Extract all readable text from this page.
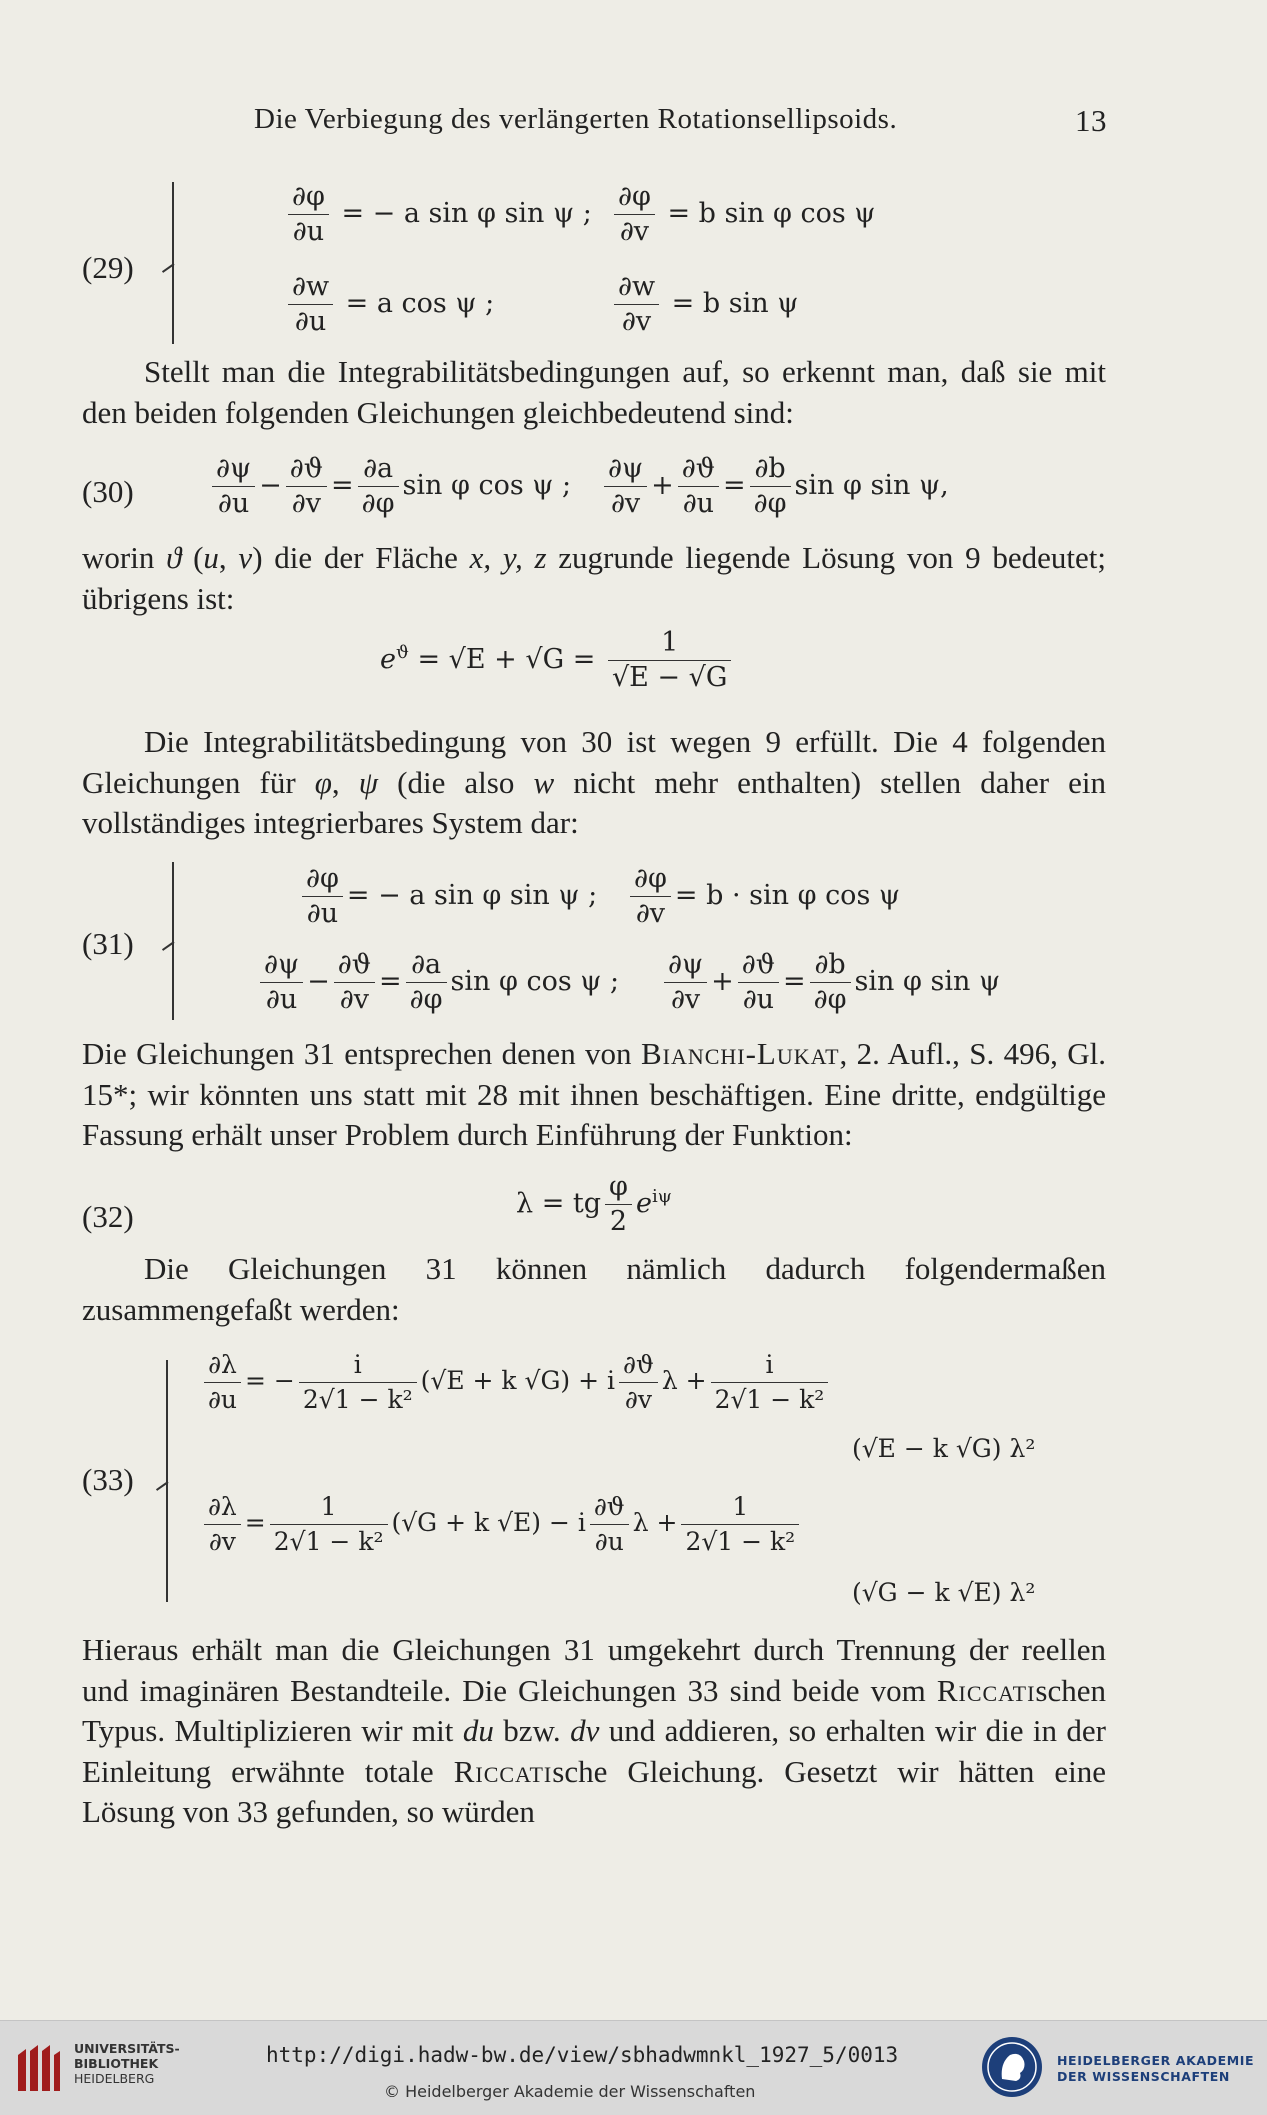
Die Verbiegung des verlängerten Rotationsellipsoids.	13
(29)
$\frac{\partial\varphi}{\partial u}$ = − a sin φ sin ψ ; $\frac{\partial\varphi}{\partial v} = b$ sin φ cos ψ
$\frac{\partial w}{\partial u} = a$ cos ψ ;	$\frac{\partial w}{\partial v} = b$ sin ψ

Stellt man die Integrabilitätsbedingungen auf, so erkennt man, daß sie mit den beiden folgenden Gleichungen gleichbedeutend sind:

(30)	$\frac{\partial\psi}{\partial u} - \frac{\partial ϑ}{\partial v} = \frac{\partial a}{\partial\varphi}$ sin φ cos ψ ; $\frac{\partial\psi}{\partial v} + \frac{\partial ϑ}{\partial u} = \frac{\partial b}{\partial\varphi}$ sin φ sin ψ,

worin ϑ (u, v) die der Fläche x, y, z zugrunde liegende Lösung von 9 bedeutet; übrigens ist:

$e^ϑ = √E + √G = \frac{1}{√E - √G}$

Die Integrabilitätsbedingung von 30 ist wegen 9 erfüllt. Die 4 folgenden Gleichungen für φ, ψ (die also w nicht mehr enthalten) stellen daher ein vollständiges integrierbares System dar:

(31)
$\frac{\partial\varphi}{\partial u}$ = − a sin φ sin ψ ; $\frac{\partial\varphi}{\partial v} = b \cdot \sin \varphi$ cos ψ
$\frac{\partial\psi}{\partial u} - \frac{\partial ϑ}{\partial v} = \frac{\partial a}{\partial\varphi}$ sin φ cos ψ ; $\frac{\partial\psi}{\partial v} + \frac{\partial ϑ}{\partial u} = \frac{\partial b}{\partial\varphi}$ sin φ sin ψ

Die Gleichungen 31 entsprechen denen von Bianchi-Lukat, 2. Aufl., S. 496, Gl. 15*; wir könnten uns statt mit 28 mit ihnen beschäftigen. Eine dritte, endgültige Fassung erhält unser Problem durch Einführung der Funktion:

(32)	λ = tg $\frac{\varphi}{2} e^{i\psi}$

Die Gleichungen 31 können nämlich dadurch folgendermaßen zusammengefaßt werden:

(33)
$\frac{\partial\lambda}{\partial u}$ = − $\frac{i}{\text{2√1 − k²}} (√E + k$ √G) + i $\frac{\partial ϑ}{\partial v}$ $\lambda + \frac{i}{\text{2√1 − k²}}$
(√E − k √G) λ²
$\frac{\partial\lambda}{\partial v} = \frac{1}{\text{2√1 − k²}} (√G + k$ √E) − i $\frac{\partial ϑ}{\partial u}$ $\lambda + \frac{1}{\text{2√1 − k²}}$
(√G − k √E) λ²

Hieraus erhält man die Gleichungen 31 umgekehrt durch Trennung der reellen und imaginären Bestandteile. Die Gleichungen 33 sind beide vom Riccatischen Typus. Multiplizieren wir mit du bzw. dv und addieren, so erhalten wir die in der Einleitung erwähnte totale Riccatische Gleichung. Gesetzt wir hätten eine Lösung von 33 gefunden, so würden

UNIVERSITÄTS-
BIBLIOTHEK
HEIDELBERG
http://digi.hadw-bw.de/view/sbhadwmnkl_1927_5/0013
© Heidelberger Akademie der Wissenschaften
HEIDELBERGER AKADEMIE
DER WISSENSCHAFTEN
